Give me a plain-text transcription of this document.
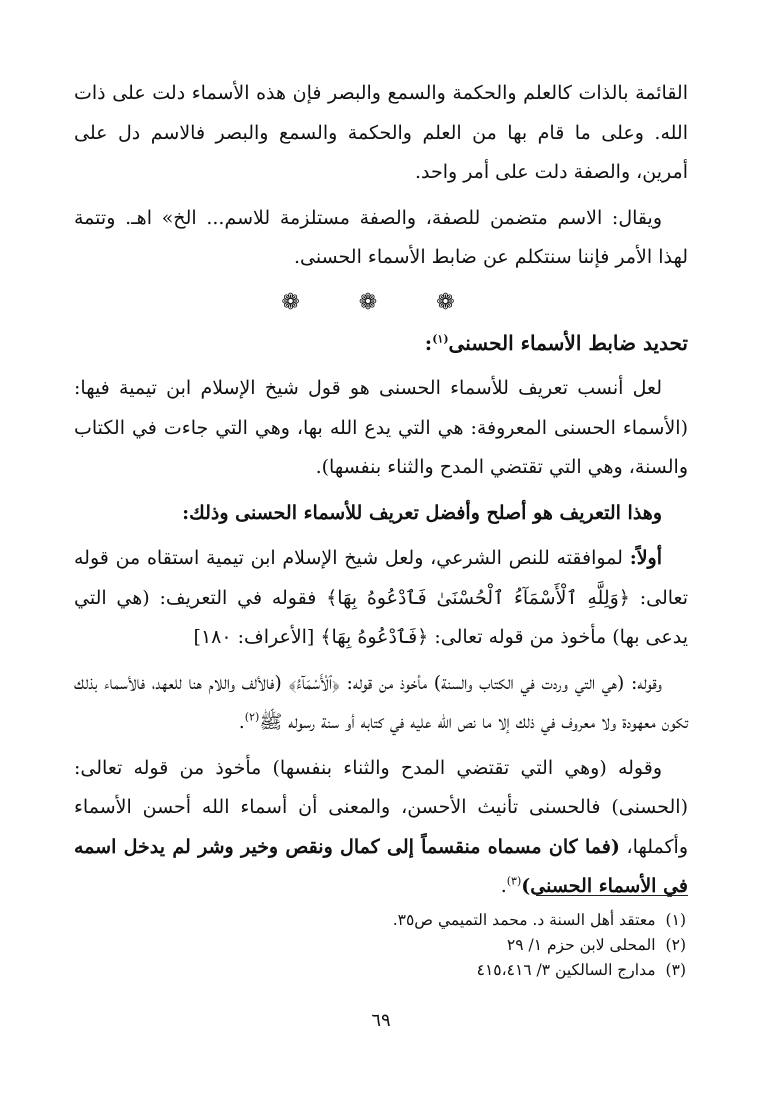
القائمة بالذات كالعلم والحكمة والسمع والبصر فإن هذه الأسماء دلت على ذات الله. وعلى ما قام بها من العلم والحكمة والسمع والبصر فالاسم دل على أمرين، والصفة دلت على أمر واحد.

ويقال: الاسم متضمن للصفة، والصفة مستلزمة للاسم... الخ» اهـ. وتتمة لهذا الأمر فإننا سنتكلم عن ضابط الأسماء الحسنى.

❁ ❁ ❁

تحديد ضابط الأسماء الحسنى$^{(١)}$:

لعل أنسب تعريف للأسماء الحسنى هو قول شيخ الإسلام ابن تيمية فيها: (الأسماء الحسنى المعروفة: هي التي يدع الله بها، وهي التي جاءت في الكتاب والسنة، وهي التي تقتضي المدح والثناء بنفسها).

وهذا التعريف هو أصلح وأفضل تعريف للأسماء الحسنى وذلك:

أولاً: لموافقته للنص الشرعي، ولعل شيخ الإسلام ابن تيمية استقاه من قوله تعالى: ﴿وَلِلَّهِ ٱلْأَسْمَآءُ ٱلْحُسْنَىٰ فَٱدْعُوهُ بِهَا﴾ فقوله في التعريف: (هي التي يدعى بها) مأخوذ من قوله تعالى: ﴿فَٱدْعُوهُ بِهَا﴾ [الأعراف: ١٨٠]

وقوله: (هي التي وردت في الكتاب والسنة) مأخوذ من قوله: ﴿ٱلْأَسْمَآءُ﴾ (فالألف واللام هنا للعهد، فالأسماء بذلك تكون معهودة ولا معروف في ذلك إلا ما نص الله عليه في كتابه أو سنة رسوله ﷺ$^{(٢)}$.

وقوله (وهي التي تقتضي المدح والثناء بنفسها) مأخوذ من قوله تعالى: (الحسنى) فالحسنى تأنيث الأحسن، والمعنى أن أسماء الله أحسن الأسماء وأكملها، (فما كان مسماه منقسماً إلى كمال ونقص وخير وشر لم يدخل اسمه في الأسماء الحسنى)$^{(٣)}$.

(١)معتقد أهل السنة د. محمد التميمي ص٣٥.

(٢)المحلى لابن حزم ١/ ٢٩

(٣)مدارج السالكين ٣/ ٤١٥،٤١٦

٦٩
